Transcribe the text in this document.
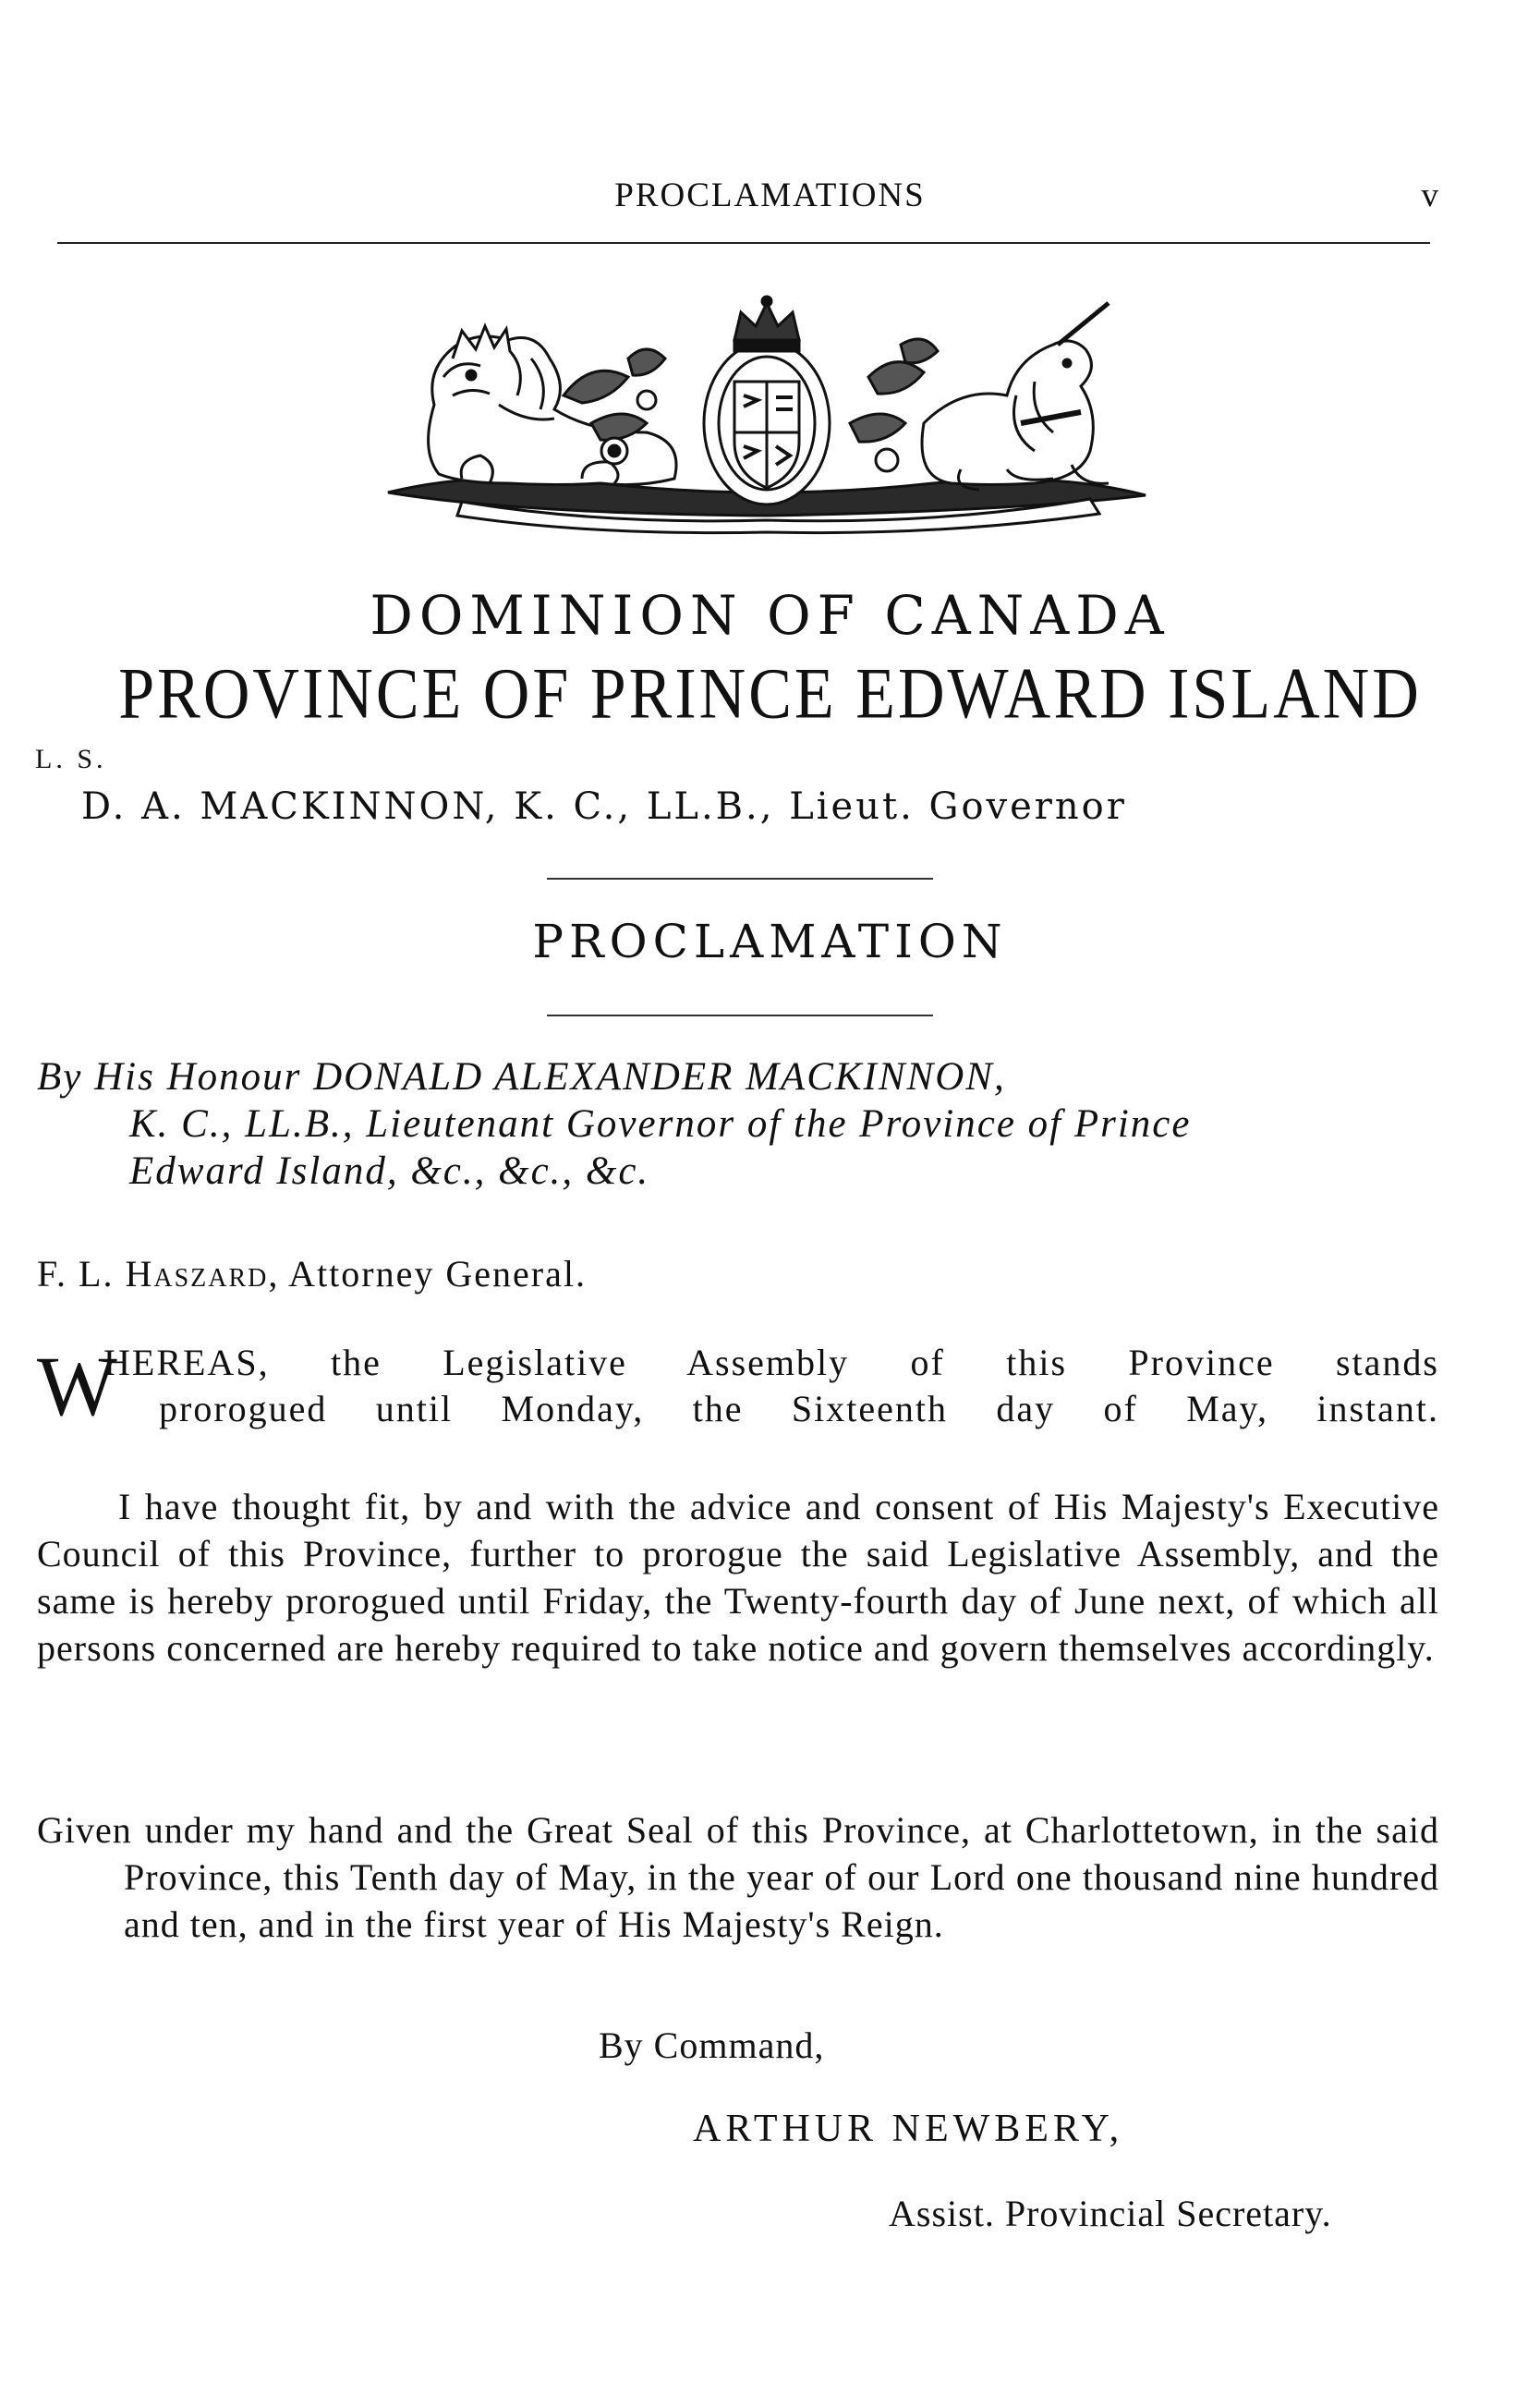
PROCLAMATIONS	v
DOMINION OF CANADA
PROVINCE OF PRINCE EDWARD ISLAND
L. S.
D. A. MACKINNON, K. C., LL.B., Lieut. Governor
PROCLAMATION
By His Honour DONALD ALEXANDER MACKINNON,
K. C., LL.B., Lieutenant Governor of the Province of Prince
Edward Island, &c., &c., &c.
F. L. Haszard, Attorney General.
W
HEREAS, the Legislative Assembly of this Province stands
prorogued until Monday, the Sixteenth day of May, instant.
I have thought fit, by and with the advice and consent of His Majesty's Executive Council of this Province, further to prorogue the said Legislative Assembly, and the same is hereby prorogued until Friday, the Twenty-fourth day of June next, of which all persons concerned are hereby required to take notice and govern themselves accordingly.
Given under my hand and the Great Seal of this Province, at Charlottetown, in the said Province, this Tenth day of May, in the year of our Lord one thousand nine hundred and ten, and in the first year of His Majesty's Reign.
By Command,
ARTHUR NEWBERY,
Assist. Provincial Secretary.
